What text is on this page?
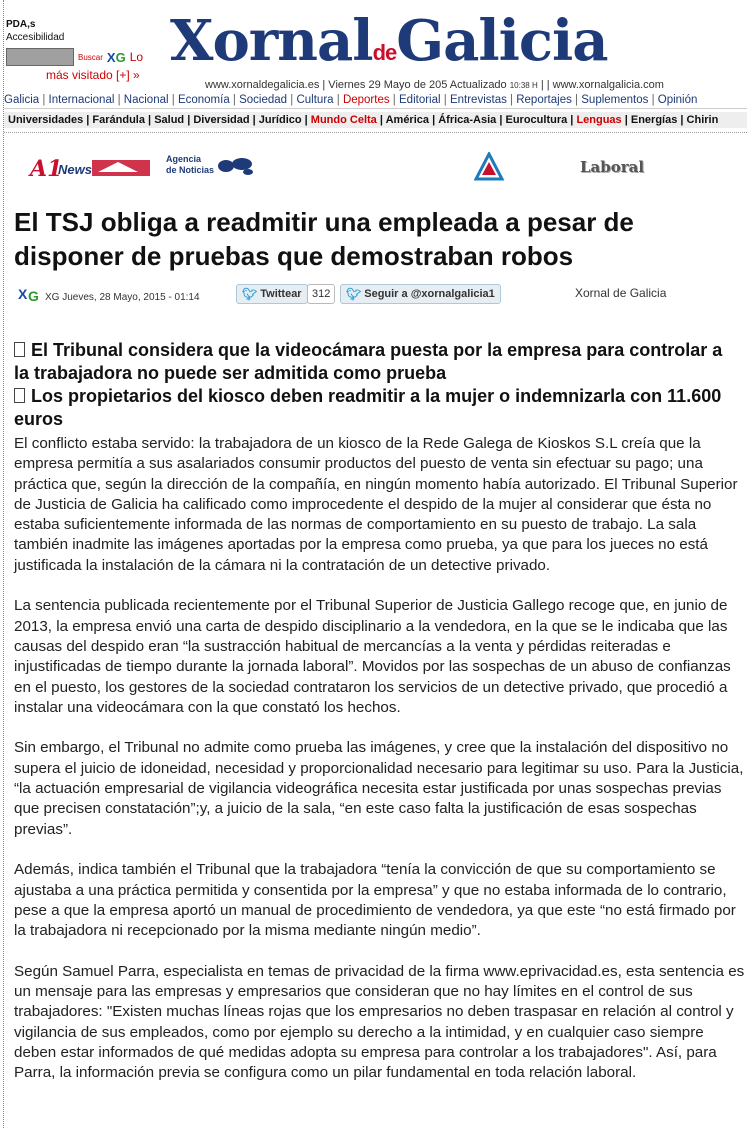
PDA,s
Accesibilidad
Buscar XG Lo
más visitado [+] »
XornaldeGalicia
www.xornaldegalicia.es | Viernes 29 Mayo de 205 Actualizado 10:38 H | | www.xornalgalicia.com
Galicia | Internacional | Nacional | Economía | Sociedad | Cultura | Deportes | Editorial | Entrevistas | Reportajes | Suplementos | Opinión
Universidades | Farándula | Salud | Diversidad | Jurídico | Mundo Celta | América | África-Asia | Eurocultura | Lenguas | Energías | Chirin
A1
News
Agencia
de Noticias	Laboral
El TSJ obliga a readmitir una empleada a pesar de disponer de pruebas que demostraban robos
X G XG Jueves, 28 Mayo, 2015 - 01:14	🐦︎ Twittear 312	🐦︎ Seguir a @xornalgalicia1	Xornal de Galicia
El Tribunal considera que la videocámara puesta por la empresa para controlar a la trabajadora no puede ser admitida como prueba
Los propietarios del kiosco deben readmitir a la mujer o indemnizarla con 11.600 euros

El conflicto estaba servido: la trabajadora de un kiosco de la Rede Galega de Kioskos S.L creía que la empresa permitía a sus asalariados consumir productos del puesto de venta sin efectuar su pago; una práctica que, según la dirección de la compañía, en ningún momento había autorizado. El Tribunal Superior de Justicia de Galicia ha calificado como improcedente el despido de la mujer al considerar que ésta no estaba suficientemente informada de las normas de comportamiento en su puesto de trabajo. La sala también inadmite las imágenes aportadas por la empresa como prueba, ya que para los jueces no está justificada la instalación de la cámara ni la contratación de un detective privado.

La sentencia publicada recientemente por el Tribunal Superior de Justicia Gallego recoge que, en junio de 2013, la empresa envió una carta de despido disciplinario a la vendedora, en la que se le indicaba que las causas del despido eran “la sustracción habitual de mercancías a la venta y pérdidas reiteradas e injustificadas de tiempo durante la jornada laboral”. Movidos por las sospechas de un abuso de confianzas en el puesto, los gestores de la sociedad contrataron los servicios de un detective privado, que procedió a instalar una videocámara con la que constató los hechos.

Sin embargo, el Tribunal no admite como prueba las imágenes, y cree que la instalación del dispositivo no supera el juicio de idoneidad, necesidad y proporcionalidad necesario para legitimar su uso. Para la Justicia, “la actuación empresarial de vigilancia videográfica necesita estar justificada por unas sospechas previas que precisen constatación”;y, a juicio de la sala, “en este caso falta la justificación de esas sospechas previas”.

Además, indica también el Tribunal que la trabajadora “tenía la convicción de que su comportamiento se ajustaba a una práctica permitida y consentida por la empresa” y que no estaba informada de lo contrario, pese a que la empresa aportó un manual de procedimiento de vendedora, ya que este “no está firmado por la trabajadora ni recepcionado por la misma mediante ningún medio”.

Según Samuel Parra, especialista en temas de privacidad de la firma www.eprivacidad.es, esta sentencia es un mensaje para las empresas y empresarios que consideran que no hay límites en el control de sus trabajadores: "Existen muchas líneas rojas que los empresarios no deben traspasar en relación al control y vigilancia de sus empleados, como por ejemplo su derecho a la intimidad, y en cualquier caso siempre deben estar informados de qué medidas adopta su empresa para controlar a los trabajadores". Así, para Parra, la información previa se configura como un pilar fundamental en toda relación laboral.
